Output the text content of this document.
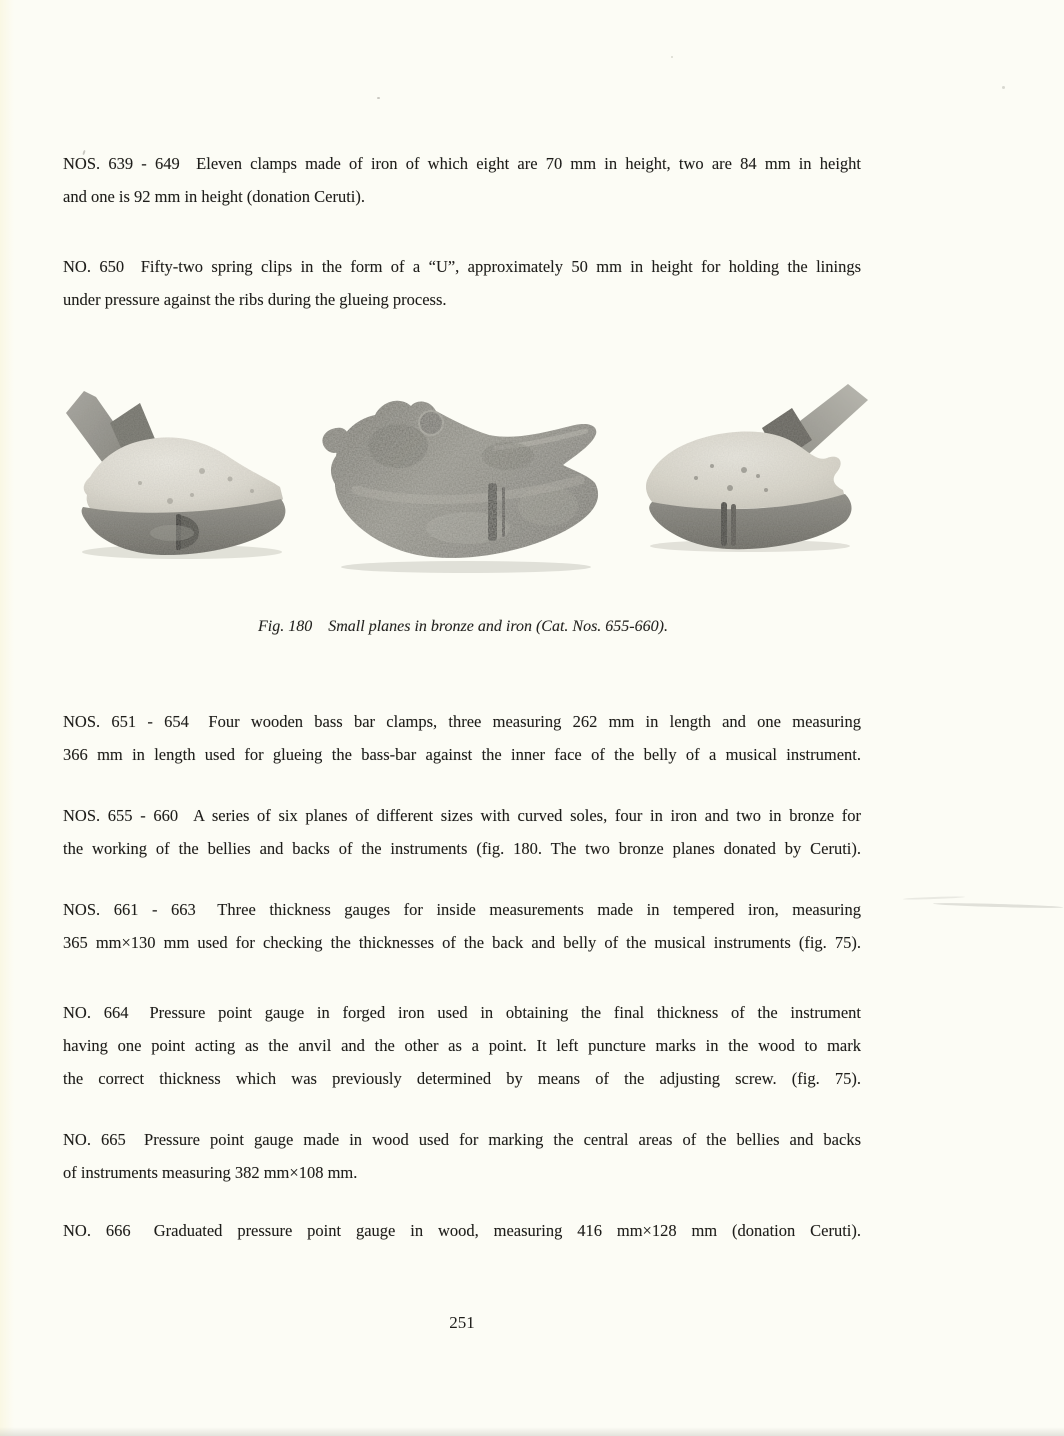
NOS. 639 - 649  Eleven clamps made of iron of which eight are 70 mm in height, two are 84 mm in height
and one is 92 mm in height (donation Ceruti).
NO. 650  Fifty-two spring clips in the form of a “U”, approximately 50 mm in height for holding the linings
under pressure against the ribs during the glueing process.
NOS. 651 - 654  Four wooden bass bar clamps, three measuring 262 mm in length and one measuring
366 mm in length used for glueing the bass-bar against the inner face of the belly of a musical instrument.
NOS. 655 - 660  A series of six planes of different sizes with curved soles, four in iron and two in bronze for
the working of the bellies and backs of the instruments (fig. 180. The two bronze planes donated by Ceruti).
NOS. 661 - 663  Three thickness gauges for inside measurements made in tempered iron, measuring
365 mm×130 mm used for checking the thicknesses of the back and belly of the musical instruments (fig. 75).
NO. 664  Pressure point gauge in forged iron used in obtaining the final thickness of the instrument
having one point acting as the anvil and the other as a point. It left puncture marks in the wood to mark
the correct thickness which was previously determined by means of the adjusting screw. (fig. 75).
NO. 665  Pressure point gauge made in wood used for marking the central areas of the bellies and backs
of instruments measuring 382 mm×108 mm.
NO. 666  Graduated pressure point gauge in wood, measuring 416 mm×128 mm (donation Ceruti).
Fig. 180  Small planes in bronze and iron (Cat. Nos. 655-660).
251
